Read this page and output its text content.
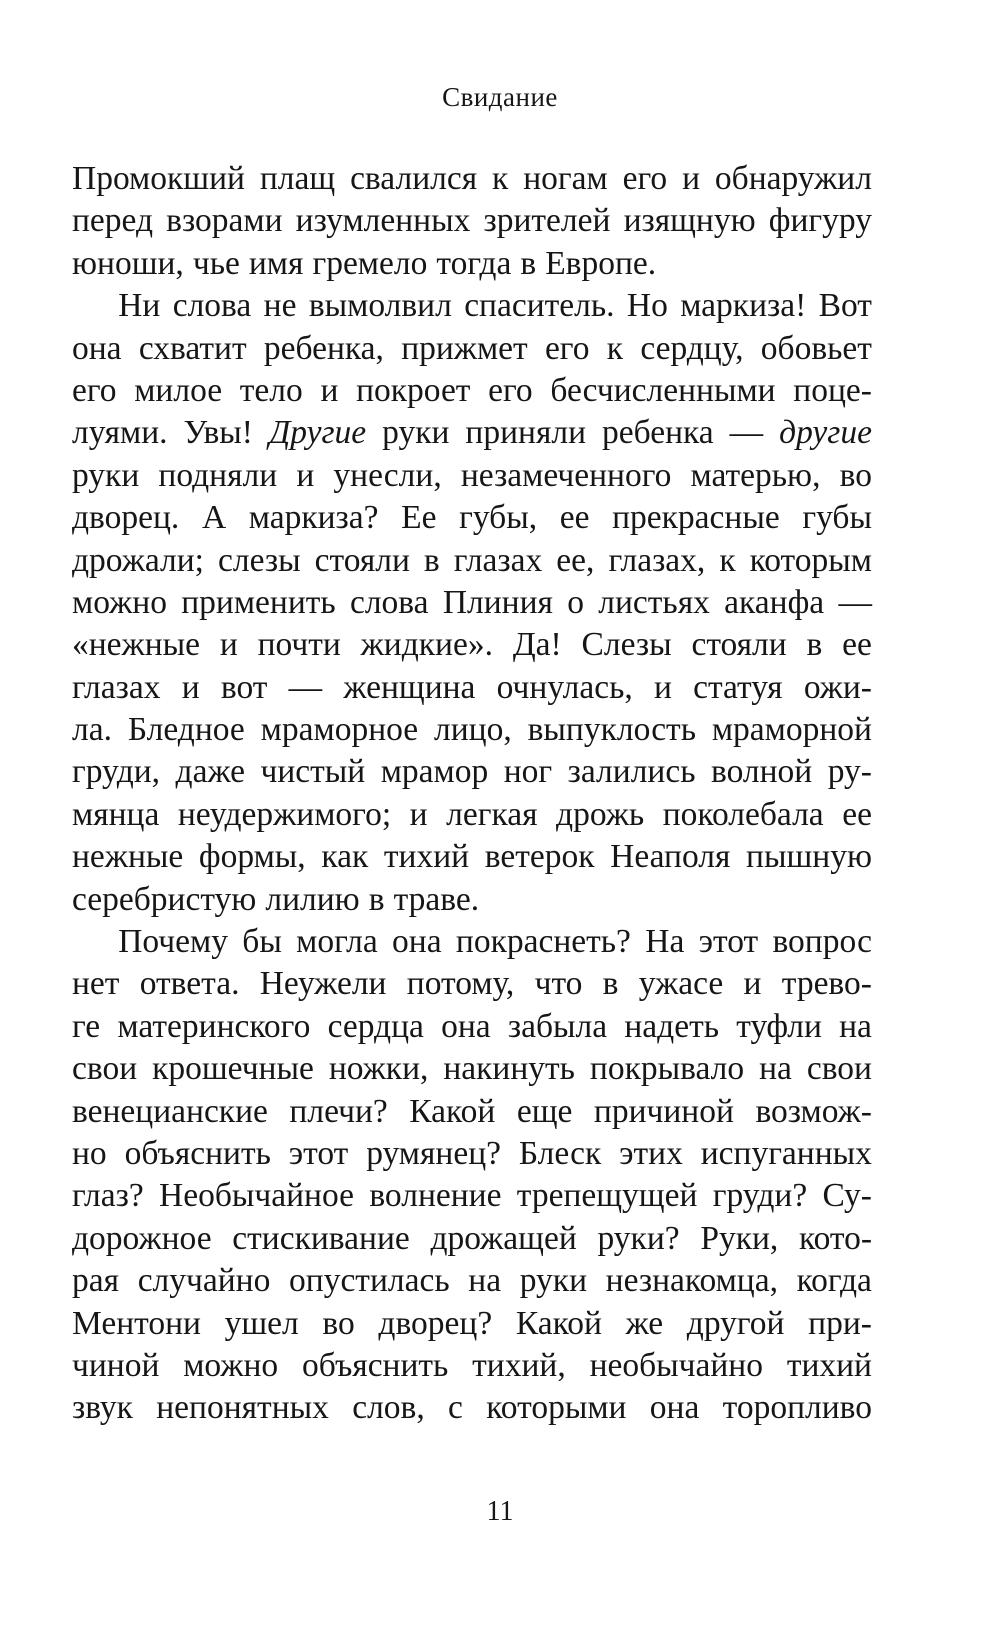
Свидание
Промокший плащ свалился к ногам его и обнаружил
перед взорами изумленных зрителей изящную фигуру
юноши, чье имя гремело тогда в Европе.
Ни слова не вымолвил спаситель. Но маркиза! Вот
она схватит ребенка, прижмет его к сердцу, обовьет
его милое тело и покроет его бесчисленными поце-
луями. Увы! Другие руки приняли ребенка — другие
руки подняли и унесли, незамеченного матерью, во
дворец. А маркиза? Ее губы, ее прекрасные губы
дрожали; слезы стояли в глазах ее, глазах, к которым
можно применить слова Плиния о листьях аканфа —
«нежные и почти жидкие». Да! Слезы стояли в ее
глазах и вот — женщина очнулась, и статуя ожи-
ла. Бледное мраморное лицо, выпуклость мраморной
груди, даже чистый мрамор ног залились волной ру-
мянца неудержимого; и легкая дрожь поколебала ее
нежные формы, как тихий ветерок Неаполя пышную
серебристую лилию в траве.
Почему бы могла она покраснеть? На этот вопрос
нет ответа. Неужели потому, что в ужасе и трево-
ге материнского сердца она забыла надеть туфли на
свои крошечные ножки, накинуть покрывало на свои
венецианские плечи? Какой еще причиной возмож-
но объяснить этот румянец? Блеск этих испуганных
глаз? Необычайное волнение трепещущей груди? Су-
дорожное стискивание дрожащей руки? Руки, кото-
рая случайно опустилась на руки незнакомца, когда
Ментони ушел во дворец? Какой же другой при-
чиной можно объяснить тихий, необычайно тихий
звук непонятных слов, с которыми она торопливо
11
